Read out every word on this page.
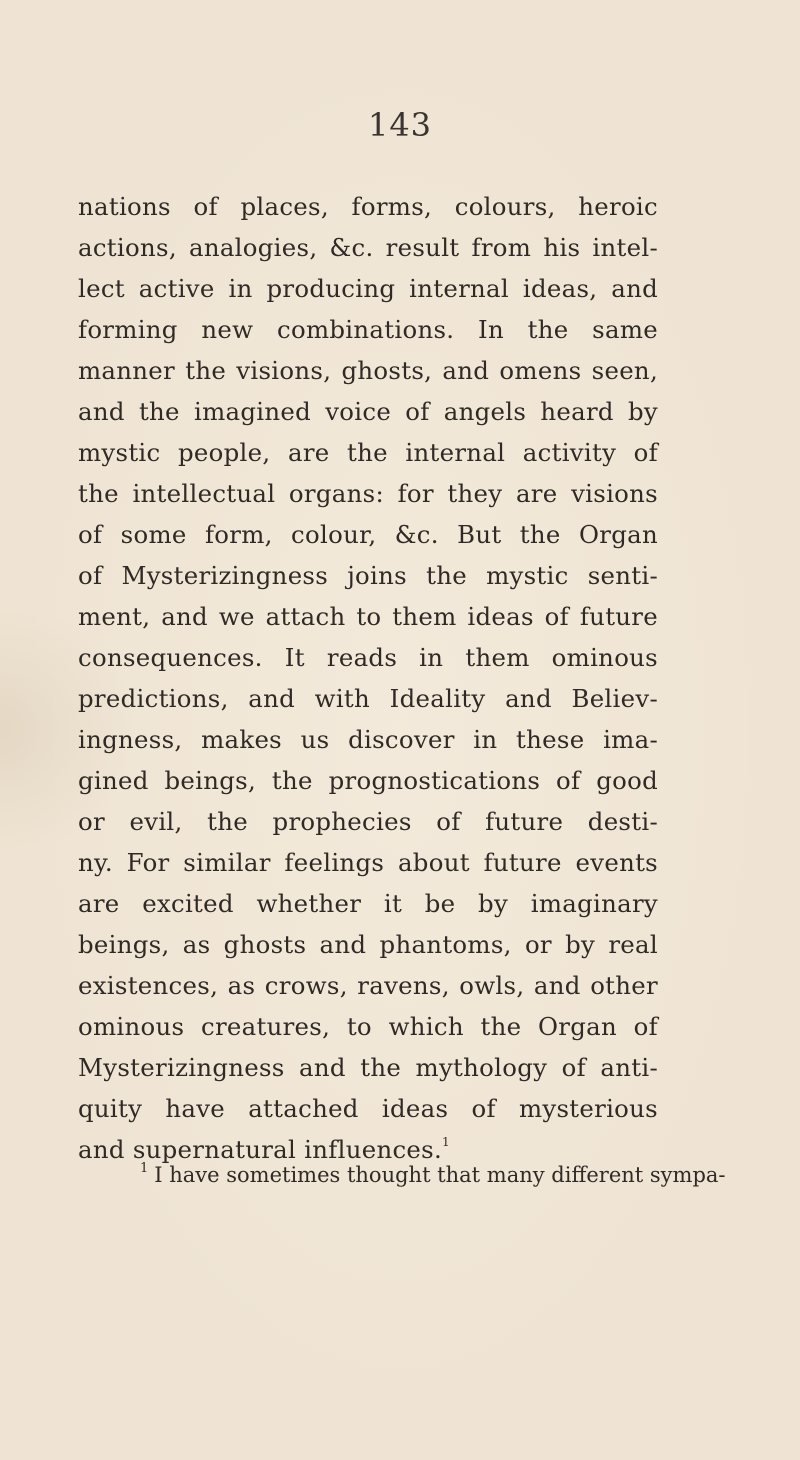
143
nations of places, forms, colours, heroic
actions, analogies, &c. result from his intel-
lect active in producing internal ideas, and
forming new combinations. In the same
manner the visions, ghosts, and omens seen,
and the imagined voice of angels heard by
mystic people, are the internal activity of
the intellectual organs: for they are visions
of some form, colour, &c. But the Organ
of Mysterizingness joins the mystic senti-
ment, and we attach to them ideas of future
consequences. It reads in them ominous
predictions, and with Ideality and Believ-
ingness, makes us discover in these ima-
gined beings, the prognostications of good
or evil, the prophecies of future desti-
ny. For similar feelings about future events
are excited whether it be by imaginary
beings, as ghosts and phantoms, or by real
existences, as crows, ravens, owls, and other
ominous creatures, to which the Organ of
Mysterizingness and the mythology of anti-
quity have attached ideas of mysterious
and supernatural influences.$^1$
$^1$ I have sometimes thought that many different sympa-
